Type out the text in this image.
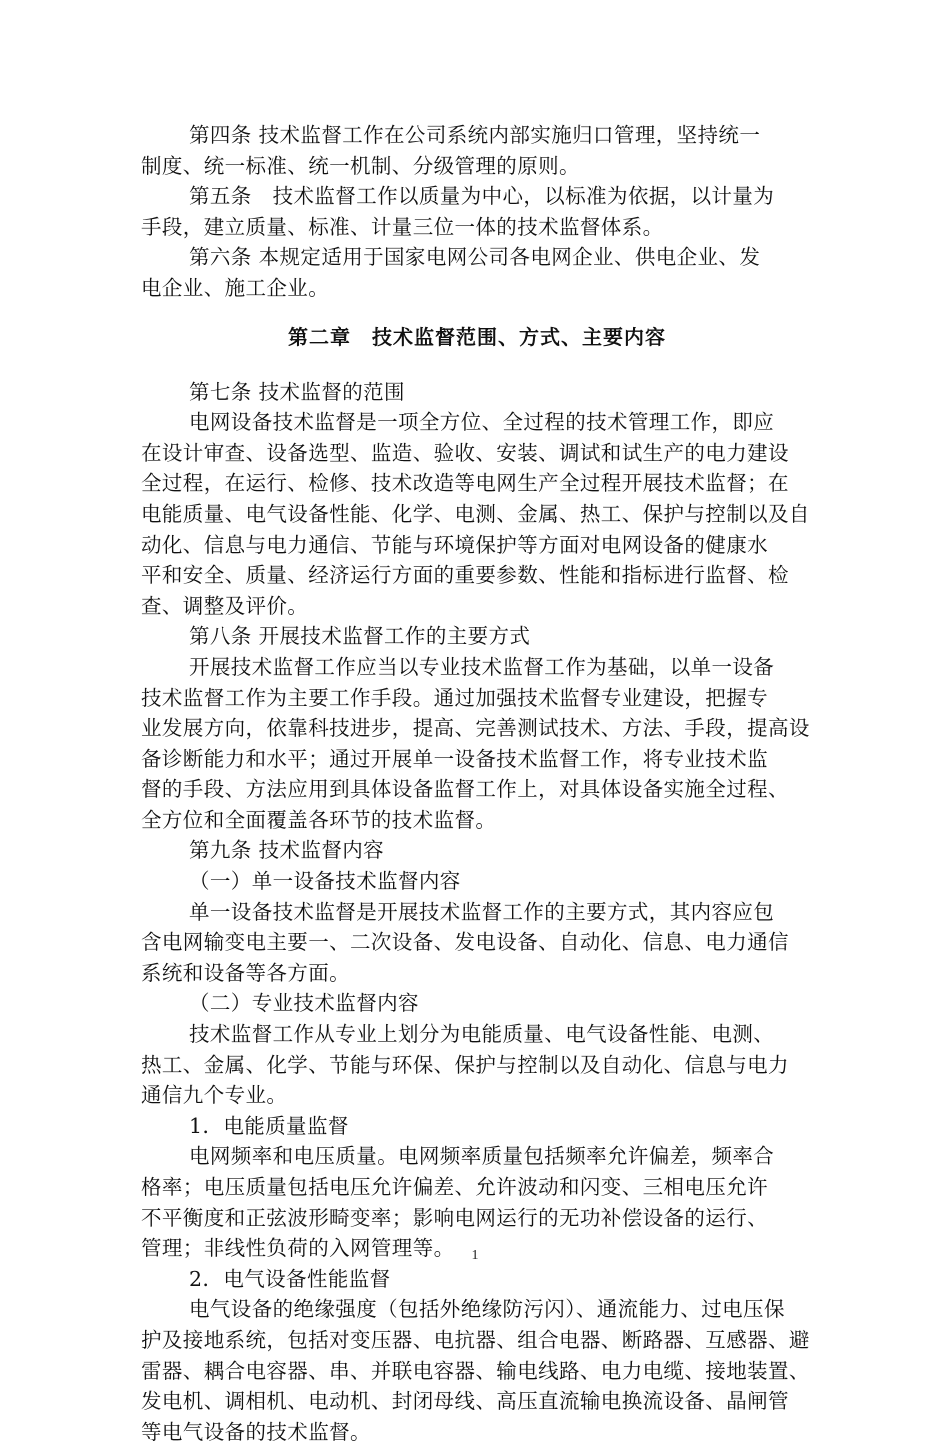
第四条 技术监督工作在公司系统内部实施归口管理，坚持统一
制度、统一标准、统一机制、分级管理的原则。
第五条　技术监督工作以质量为中心，以标准为依据，以计量为
手段，建立质量、标准、计量三位一体的技术监督体系。
第六条 本规定适用于国家电网公司各电网企业、供电企业、发
电企业、施工企业。
第二章　技术监督范围、方式、主要内容
第七条 技术监督的范围
电网设备技术监督是一项全方位、全过程的技术管理工作，即应
在设计审查、设备选型、监造、验收、安装、调试和试生产的电力建设
全过程，在运行、检修、技术改造等电网生产全过程开展技术监督；在
电能质量、电气设备性能、化学、电测、金属、热工、保护与控制以及自
动化、信息与电力通信、节能与环境保护等方面对电网设备的健康水
平和安全、质量、经济运行方面的重要参数、性能和指标进行监督、检
查、调整及评价。
第八条 开展技术监督工作的主要方式
开展技术监督工作应当以专业技术监督工作为基础，以单一设备
技术监督工作为主要工作手段。通过加强技术监督专业建设，把握专
业发展方向，依靠科技进步，提高、完善测试技术、方法、手段，提高设
备诊断能力和水平；通过开展单一设备技术监督工作，将专业技术监
督的手段、方法应用到具体设备监督工作上，对具体设备实施全过程、
全方位和全面覆盖各环节的技术监督。
第九条 技术监督内容
（一）单一设备技术监督内容
单一设备技术监督是开展技术监督工作的主要方式，其内容应包
含电网输变电主要一、二次设备、发电设备、自动化、信息、电力通信
系统和设备等各方面。
（二）专业技术监督内容
技术监督工作从专业上划分为电能质量、电气设备性能、电测、
热工、金属、化学、节能与环保、保护与控制以及自动化、信息与电力
通信九个专业。
1．电能质量监督
电网频率和电压质量。电网频率质量包括频率允许偏差，频率合
格率；电压质量包括电压允许偏差、允许波动和闪变、三相电压允许
不平衡度和正弦波形畸变率；影响电网运行的无功补偿设备的运行、
管理；非线性负荷的入网管理等。
2．电气设备性能监督
电气设备的绝缘强度（包括外绝缘防污闪）、通流能力、过电压保
护及接地系统，包括对变压器、电抗器、组合电器、断路器、互感器、避
雷器、耦合电容器、串、并联电容器、输电线路、电力电缆、接地装置、
发电机、调相机、电动机、封闭母线、高压直流输电换流设备、晶闸管
等电气设备的技术监督。
1
